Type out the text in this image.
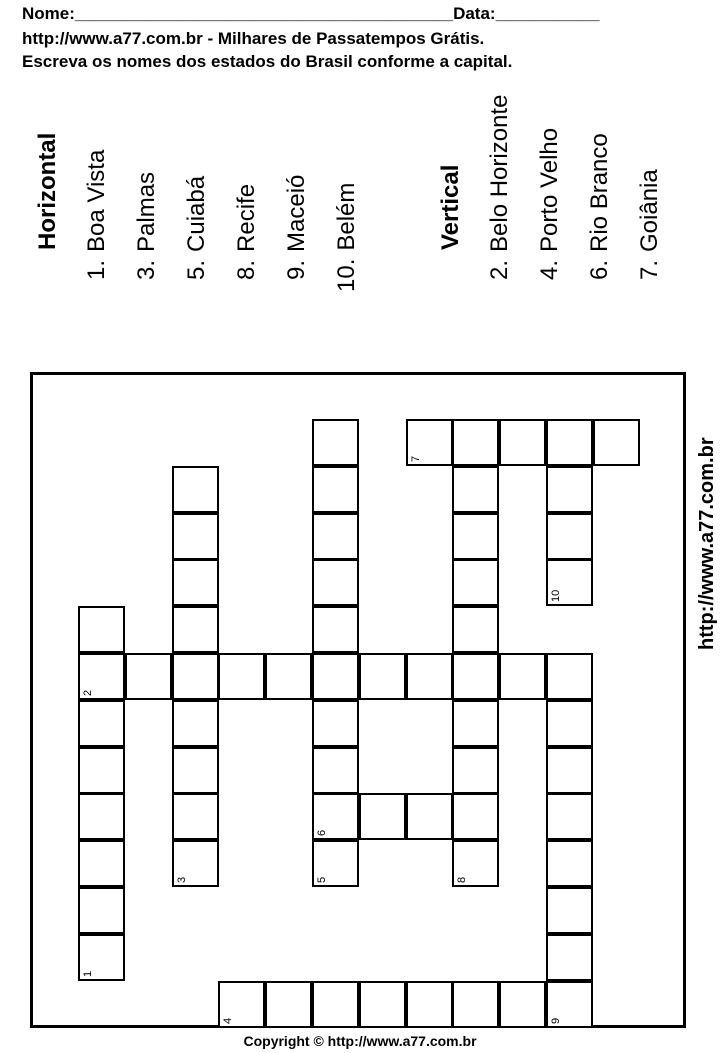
Nome:________________________________________Data:___________
http://www.a77.com.br - Milhares de Passatempos Grátis.
Escreva os nomes dos estados do Brasil conforme a capital.
Horizontal
1.Boa Vista
3.Palmas
5.Cuiabá
8.Recife
9.Maceió
10.Belém	Vertical
2.Belo Horizonte
4.Porto Velho
6.Rio Branco
7.Goiânia
http://www.a77.com.br
2
1
3
6
5
7
8
10
9
4
Copyright © http://www.a77.com.br
